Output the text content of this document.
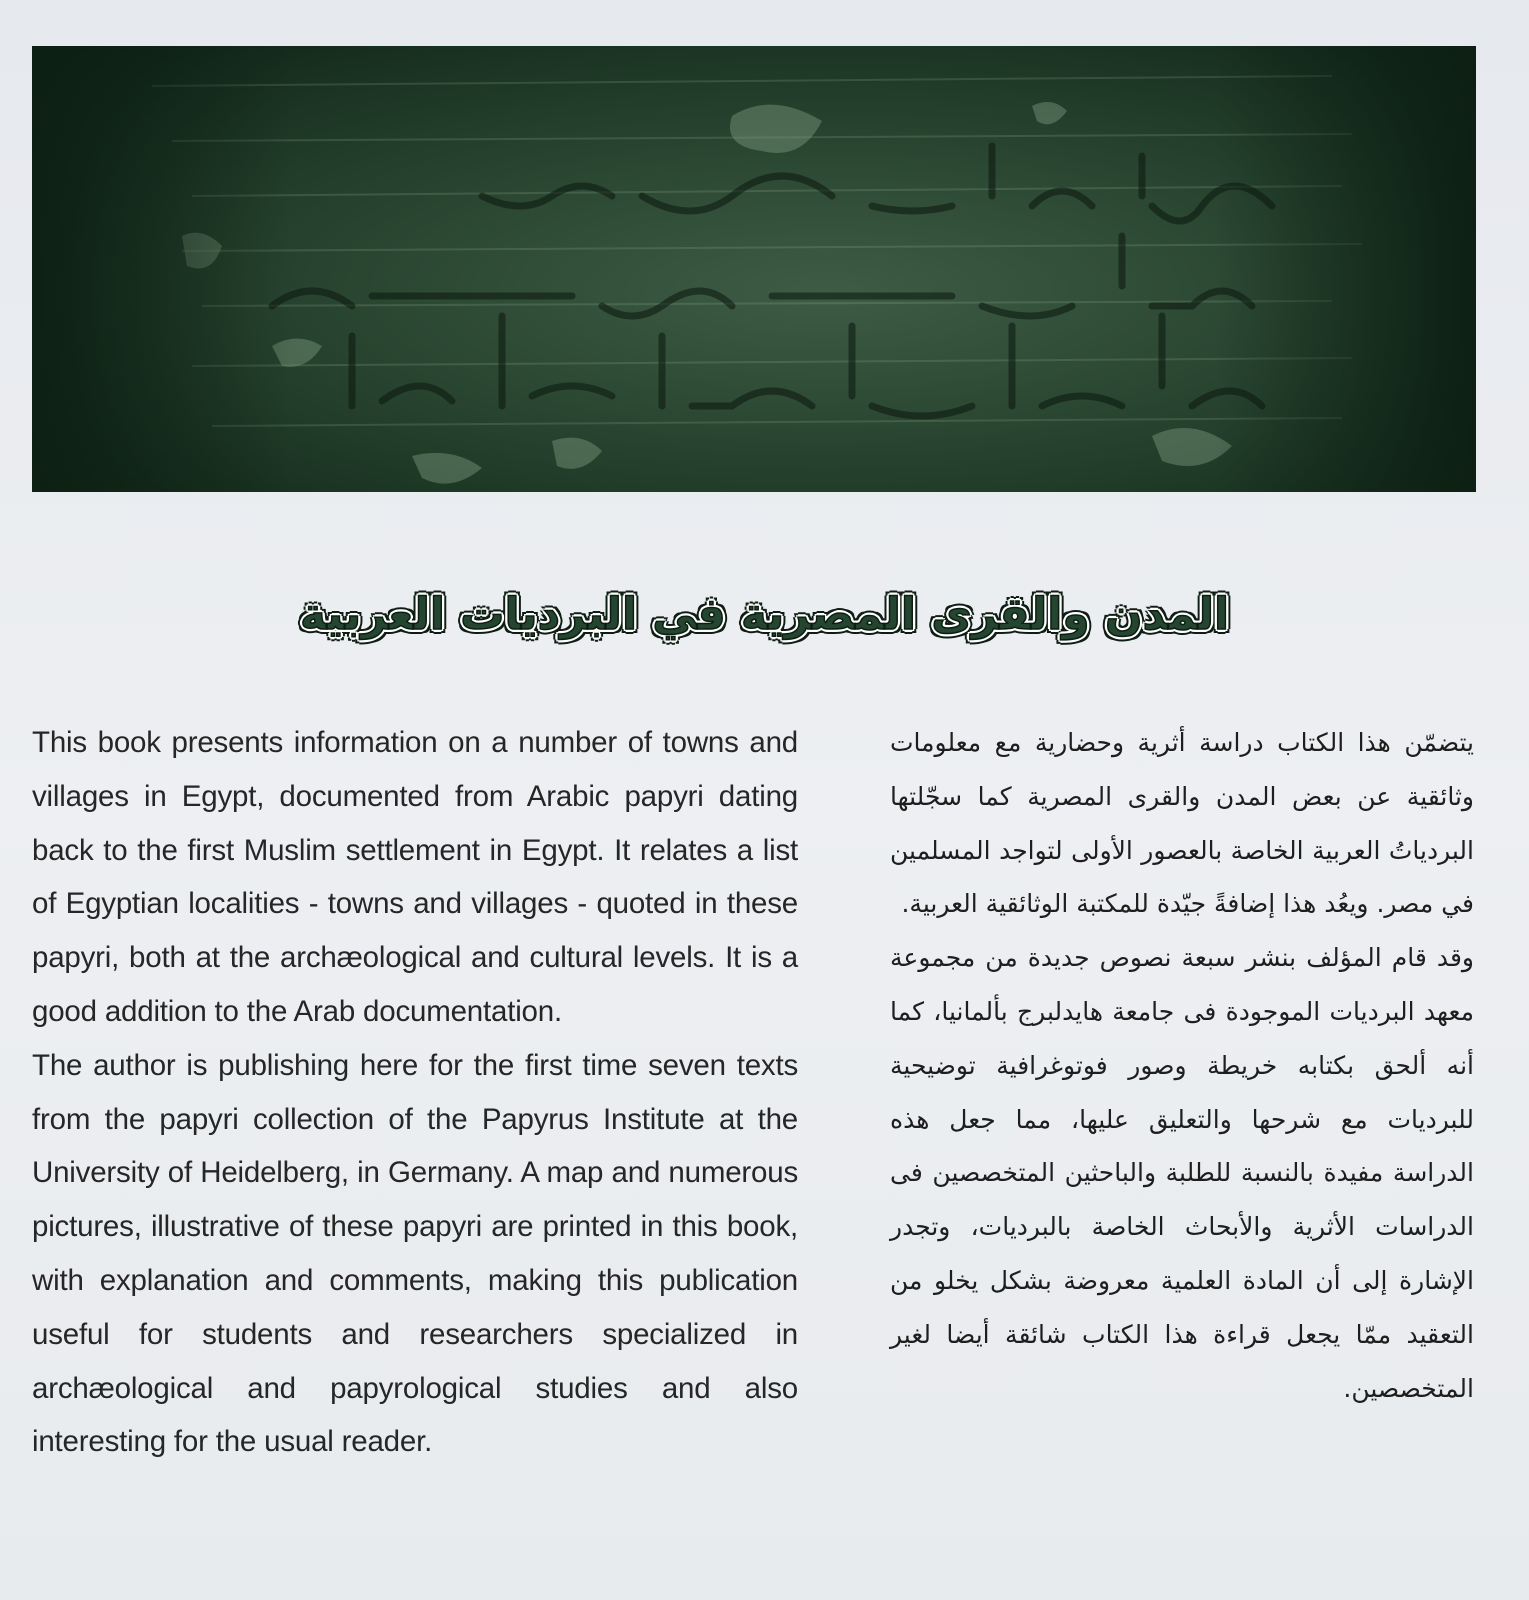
المدن والقرى المصرية في البرديات العربية

This book presents information on a number of towns and villages in Egypt, documented from Arabic papyri dating back to the first Muslim settlement in Egypt. It relates a list of Egyptian localities - towns and villages - quoted in these papyri, both at the archæological and cultural levels. It is a good addition to the Arab documentation.

The author is publishing here for the first time seven texts from the papyri collection of the Papyrus Institute at the University of Heidelberg, in Germany. A map and numerous pictures, illustrative of these papyri are printed in this book, with explanation and comments, making this publication useful for students and researchers specialized in archæological and papyrological studies and also interesting for the usual reader.

يتضمّن هذا الكتاب دراسة أثرية وحضارية مع معلومات وثائقية عن بعض المدن والقرى المصرية كما سجّلتها البردياتُ العربية الخاصة بالعصور الأولى لتواجد المسلمين في مصر. ويعُد هذا إضافةً جيّدة للمكتبة الوثائقية العربية.

وقد قام المؤلف بنشر سبعة نصوص جديدة من مجموعة معهد البرديات الموجودة فى جامعة هايدلبرج بألمانيا، كما أنه ألحق بكتابه خريطة وصور فوتوغرافية توضيحية للبرديات مع شرحها والتعليق عليها، مما جعل هذه الدراسة مفيدة بالنسبة للطلبة والباحثين المتخصصين فى الدراسات الأثرية والأبحاث الخاصة بالبرديات، وتجدر الإشارة إلى أن المادة العلمية معروضة بشكل يخلو من التعقيد ممّا يجعل قراءة هذا الكتاب شائقة أيضا لغير المتخصصين.
